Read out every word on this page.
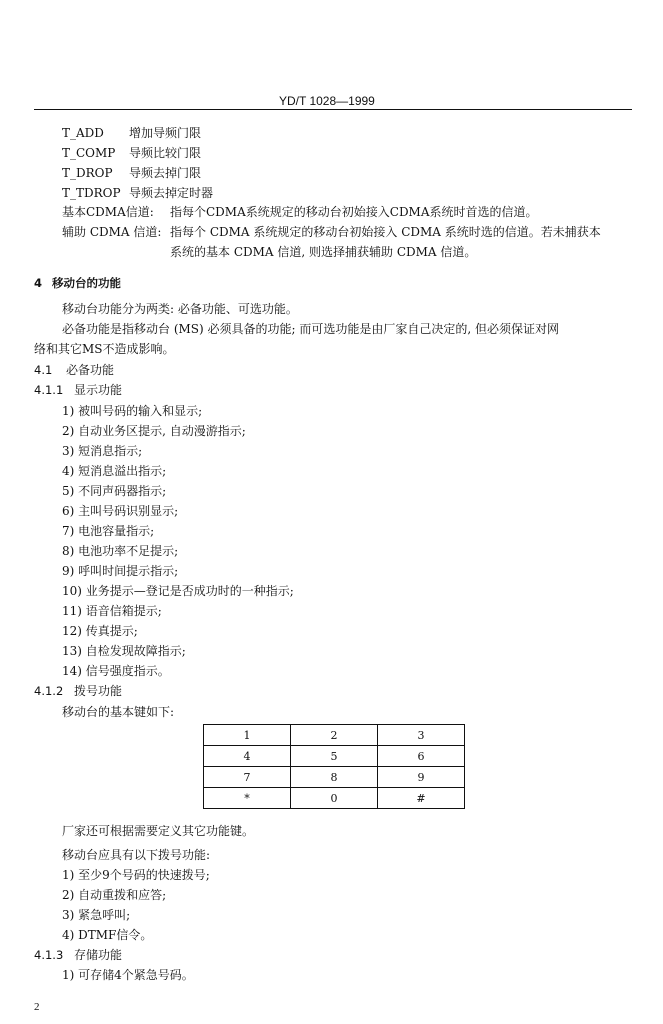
YD/T 1028—1999
T_ADD 增加导频门限
T_COMP 导频比较门限
T_DROP 导频去掉门限
T_TDROP 导频去掉定时器
基本CDMA信道: 指每个CDMA系统规定的移动台初始接入CDMA系统时首选的信道。
辅助 CDMA 信道: 指每个 CDMA 系统规定的移动台初始接入 CDMA 系统时选的信道。若未捕获本
系统的基本 CDMA 信道, 则选择捕获辅助 CDMA 信道。
4 移动台的功能
移动台功能分为两类: 必备功能、可选功能。
必备功能是指移动台 (MS) 必须具备的功能; 而可选功能是由厂家自己决定的, 但必须保证对网
络和其它MS不造成影响。
4.1 必备功能
4.1.1 显示功能
1) 被叫号码的输入和显示;
2) 自动业务区提示, 自动漫游指示;
3) 短消息指示;
4) 短消息溢出指示;
5) 不同声码器指示;
6) 主叫号码识别显示;
7) 电池容量指示;
8) 电池功率不足提示;
9) 呼叫时间提示指示;
10) 业务提示—登记是否成功时的一种指示;
11) 语音信箱提示;
12) 传真提示;
13) 自检发现故障指示;
14) 信号强度指示。
4.1.2 拨号功能
移动台的基本键如下:
1	2	3
4	5	6
7	8	9
*	0	#
厂家还可根据需要定义其它功能键。
移动台应具有以下拨号功能:
1) 至少9个号码的快速拨号;
2) 自动重拨和应答;
3) 紧急呼叫;
4) DTMF信令。
4.1.3 存储功能
1) 可存储4个紧急号码。
2
